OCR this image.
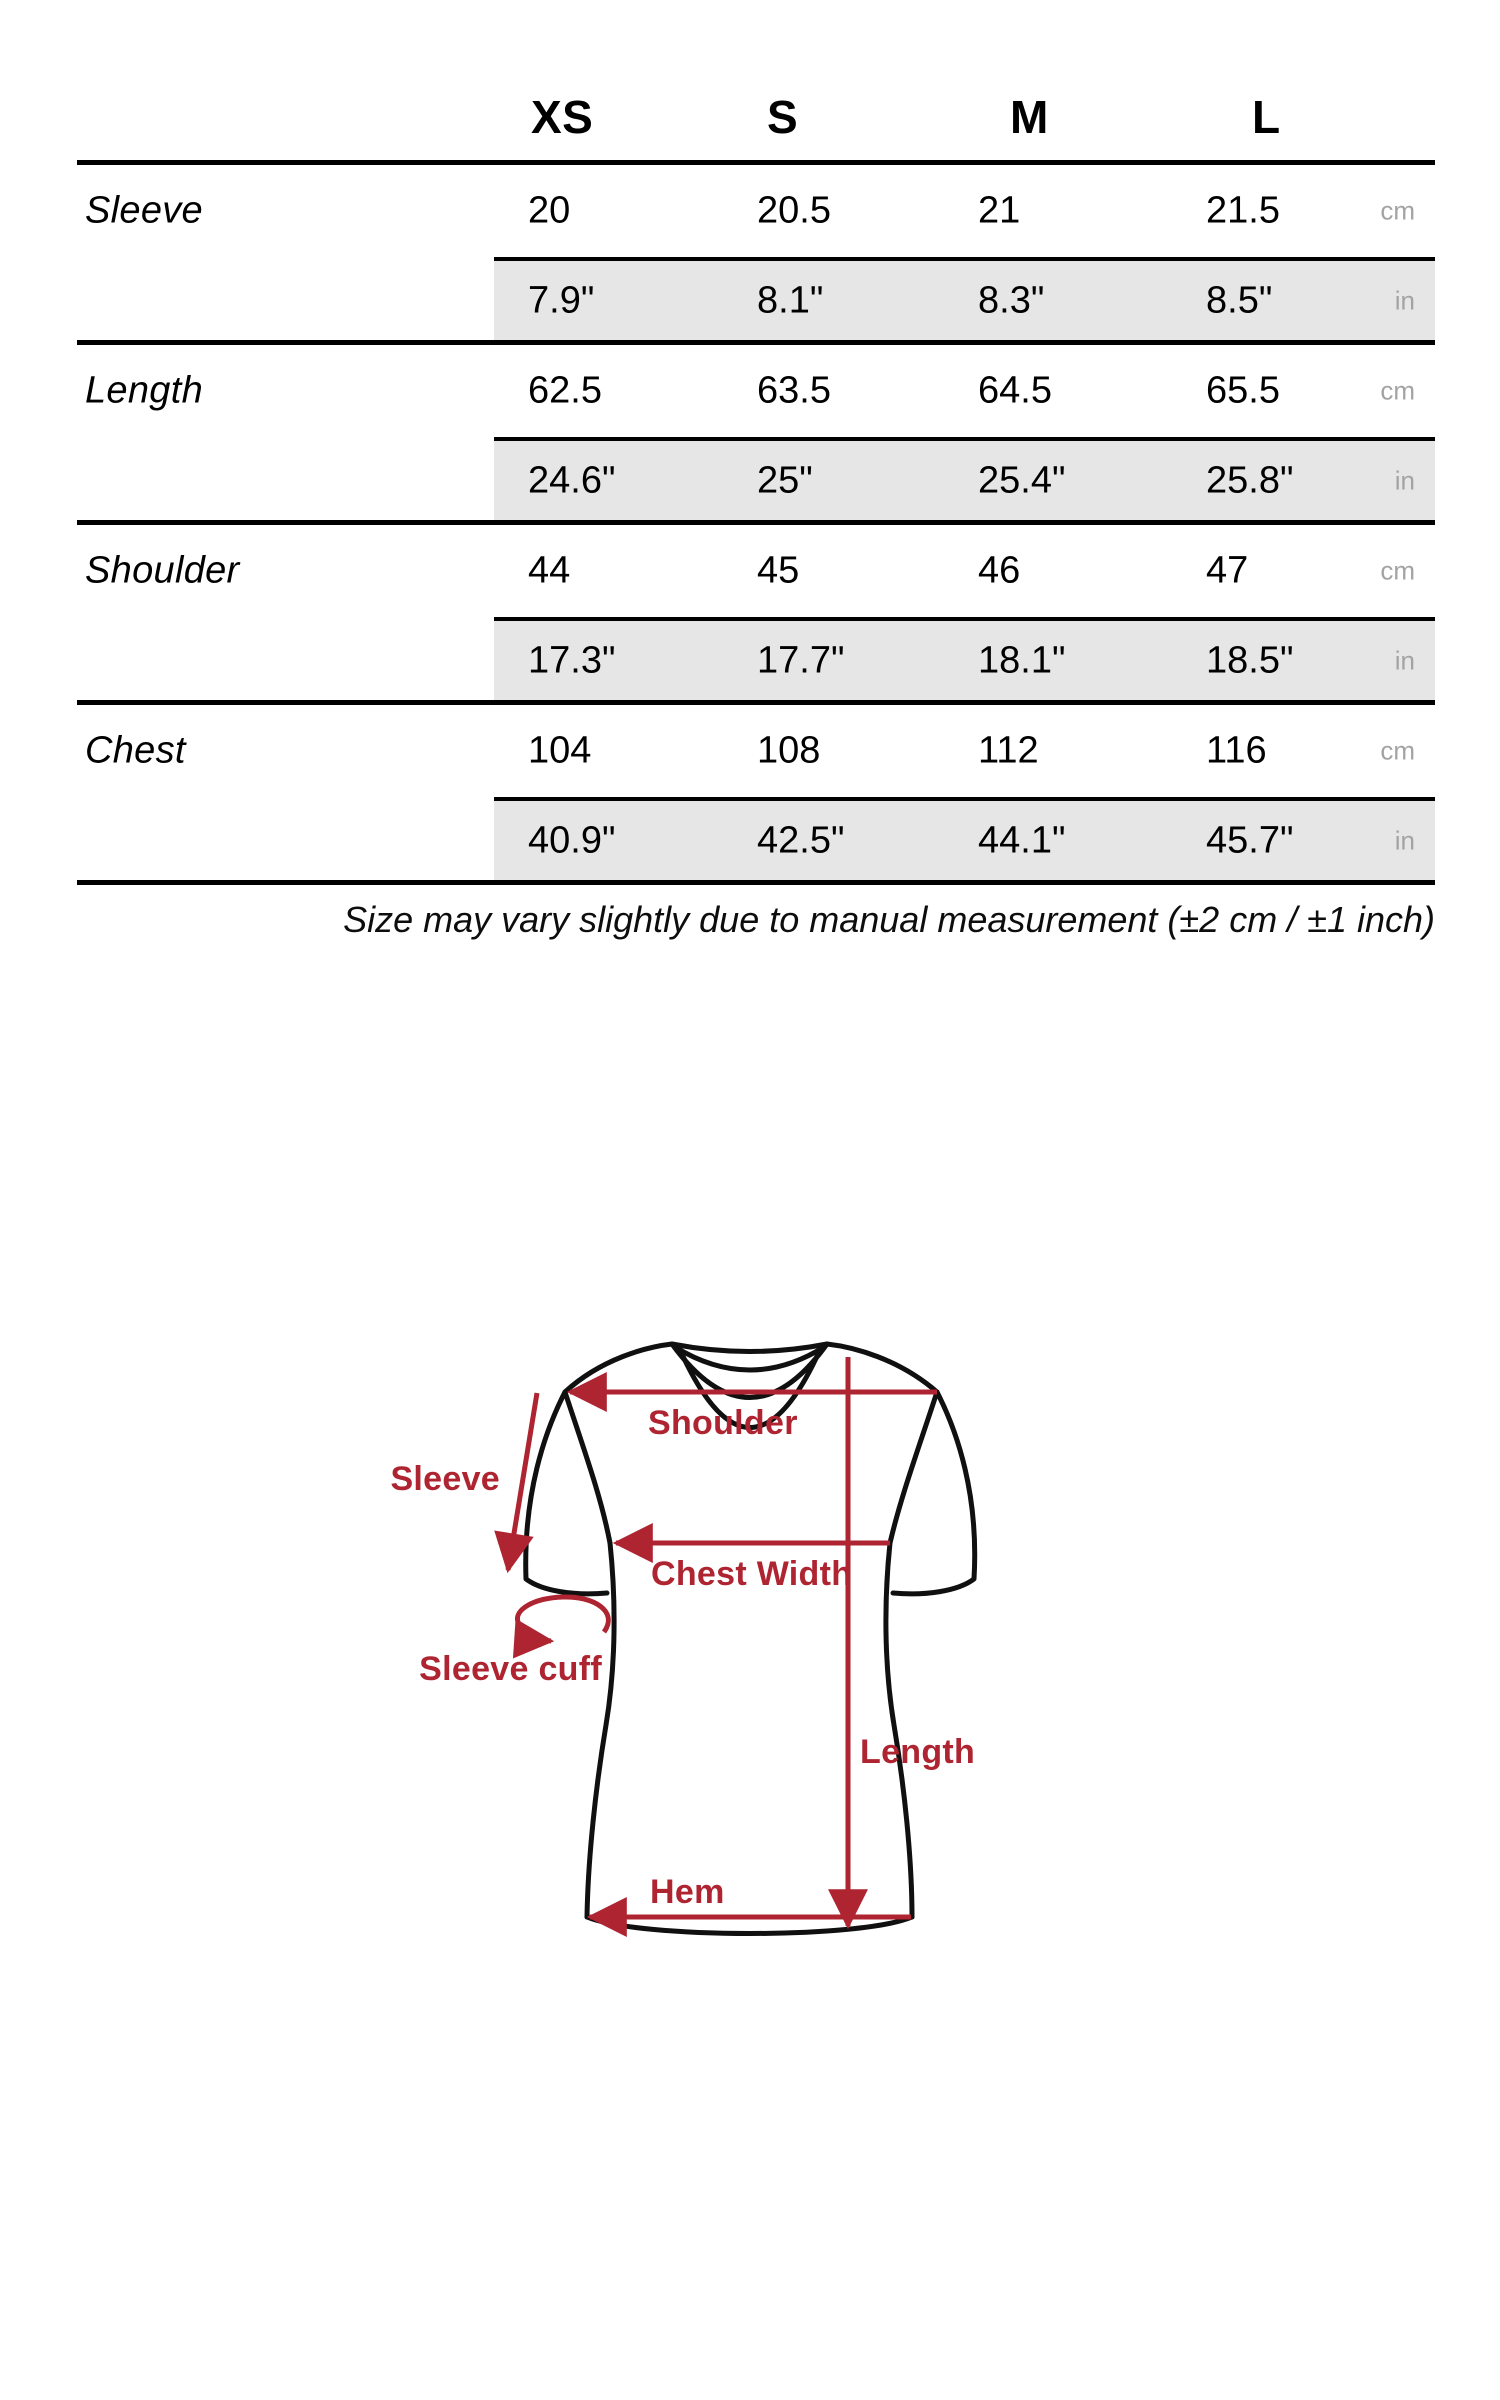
XS	S	M	L
Sleeve	20	20.5	21	21.5	cm
7.9"	8.1"	8.3"	8.5"	in
Length	62.5	63.5	64.5	65.5	cm
24.6"	25"	25.4"	25.8"	in
Shoulder	44	45	46	47	cm
17.3"	17.7"	18.1"	18.5"	in
Chest	104	108	112	116	cm
40.9"	42.5"	44.1"	45.7"	in
Size may vary slightly due to manual measurement (±2 cm / ±1 inch)
Shoulder
Sleeve
Chest Width
Sleeve cuff
Length
Hem
